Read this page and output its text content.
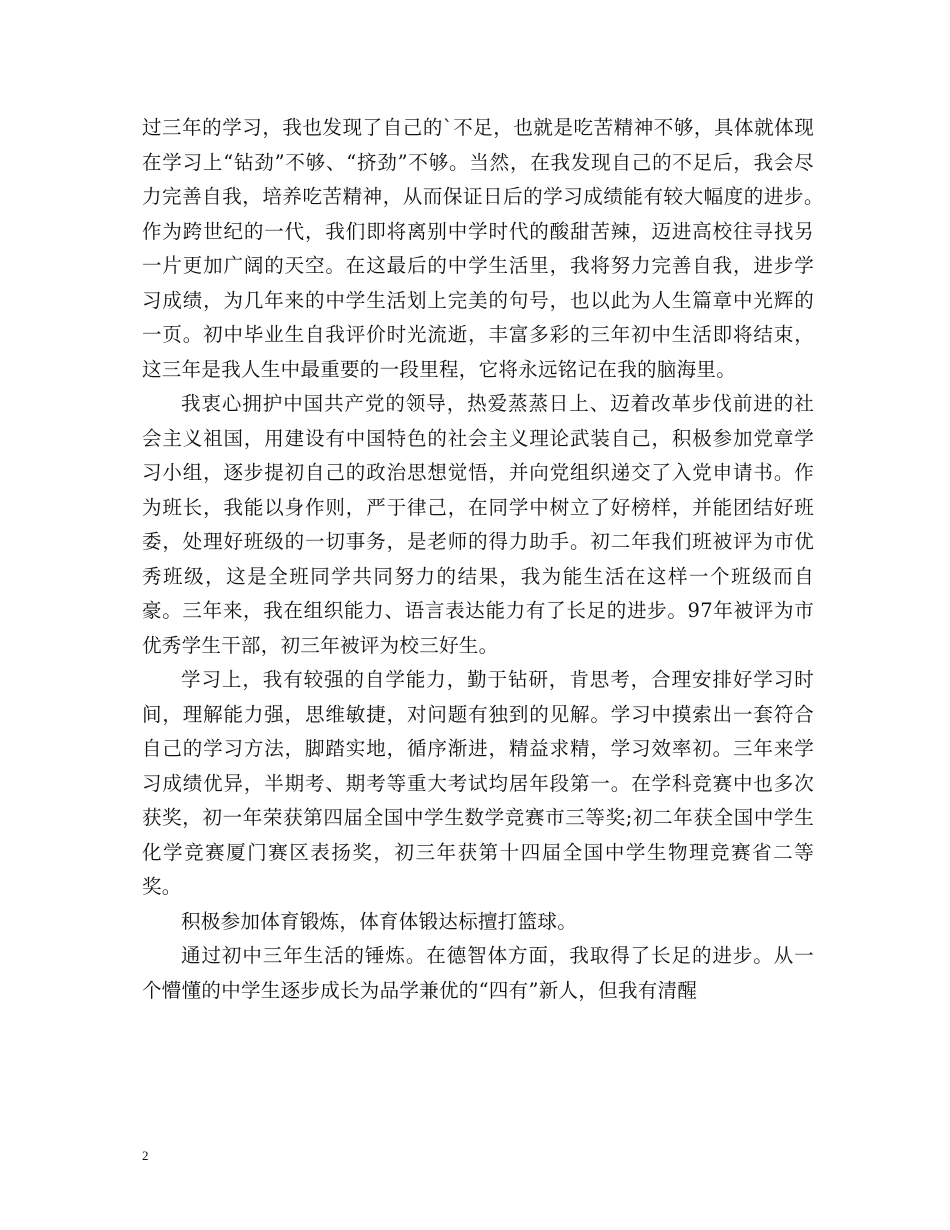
过三年的学习，我也发现了自己的`不足，也就是吃苦精神不够，具体就体现在学习上“钻劲”不够、“挤劲”不够。当然，在我发现自己的不足后，我会尽力完善自我，培养吃苦精神，从而保证日后的学习成绩能有较大幅度的进步。　作为跨世纪的一代，我们即将离别中学时代的酸甜苦辣，迈进高校往寻找另一片更加广阔的天空。在这最后的中学生活里，我将努力完善自我，进步学习成绩，为几年来的中学生活划上完美的句号，也以此为人生篇章中光辉的一页。初中毕业生自我评价时光流逝，丰富多彩的三年初中生活即将结束，这三年是我人生中最重要的一段里程，它将永远铭记在我的脑海里。

我衷心拥护中国共产党的领导，热爱蒸蒸日上、迈着改革步伐前进的社会主义祖国，用建设有中国特色的社会主义理论武装自己，积极参加党章学习小组，逐步提初自己的政治思想觉悟，并向党组织递交了入党申请书。作为班长，我能以身作则，严于律己，在同学中树立了好榜样，并能团结好班委，处理好班级的一切事务，是老师的得力助手。初二年我们班被评为市优秀班级，这是全班同学共同努力的结果，我为能生活在这样一个班级而自豪。三年来，我在组织能力、语言表达能力有了长足的进步。97年被评为市优秀学生干部，初三年被评为校三好生。

学习上，我有较强的自学能力，勤于钻研，肯思考，合理安排好学习时间，理解能力强，思维敏捷，对问题有独到的见解。学习中摸索出一套符合自己的学习方法，脚踏实地，循序渐进，精益求精，学习效率初。三年来学习成绩优异，半期考、期考等重大考试均居年段第一。在学科竞赛中也多次获奖，初一年荣获第四届全国中学生数学竞赛市三等奖;初二年获全国中学生化学竞赛厦门赛区表扬奖，初三年获第十四届全国中学生物理竞赛省二等奖。

积极参加体育锻炼，体育体锻达标擅打篮球。

通过初中三年生活的锤炼。在德智体方面，我取得了长足的进步。从一个懵懂的中学生逐步成长为品学兼优的“四有”新人，但我有清醒

2
